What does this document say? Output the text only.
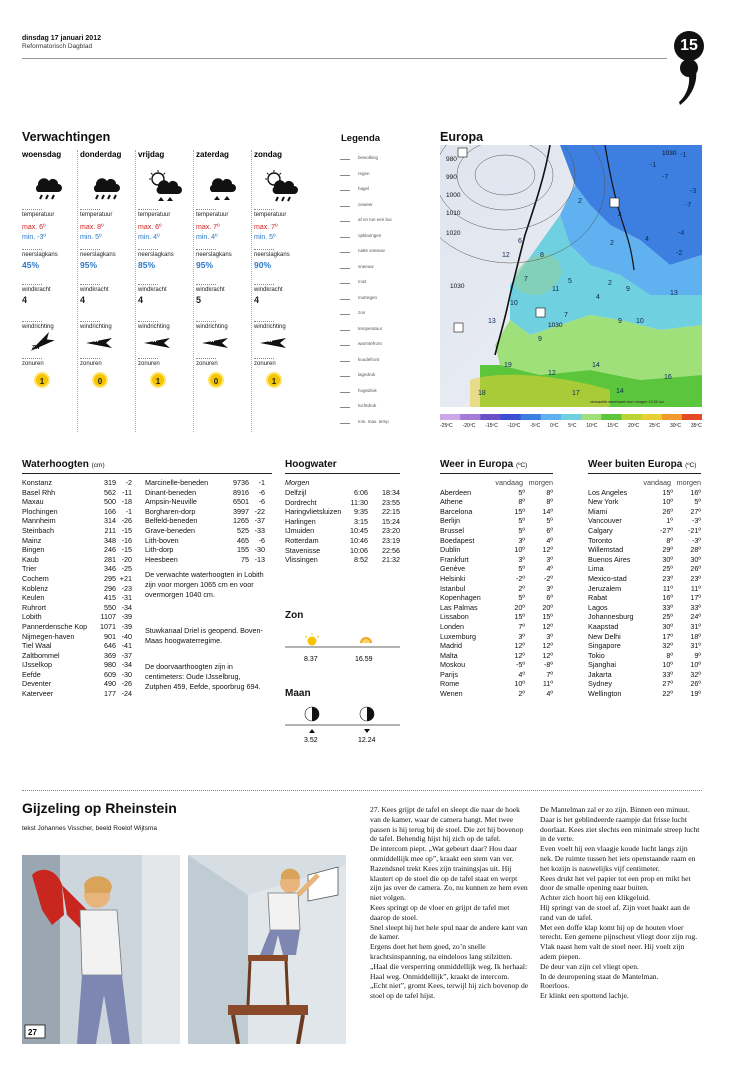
dinsdag 17 januari 2012
Reformatorisch Dagblad	15
Verwachtingen
woensdag
temperatuur
max. 6º
min. -3º
neerslagkans
45%
windkracht
4
windrichting
ZW
zonuren
1
donderdag
temperatuur
max. 8º
min. 5º
neerslagkans
95%
windkracht
4
windrichting
W
zonuren
0
vrijdag
temperatuur
max. 6º
min. 4º
neerslagkans
85%
windkracht
4
windrichting
W
zonuren
1
zaterdag
temperatuur
max. 7º
min. 4º
neerslagkans
95%
windkracht
5
windrichting
W
zonuren
0
zondag
temperatuur
max. 7º
min. 5º
neerslagkans
90%
windkracht
4
windrichting
W
zonuren
1
Legenda
bewolking
regen
hagel
onweer
af en toe een bui
opklaringen
natte sneeuw
sneeuw
mist
motregen
zon
temperatuur
warmtefront
koudefront
lagedruk
hogedruk
luchtdruk
min. max. temp
Europa
980
990
1000
1010
1020
1030
1030
1030 -1
-1
-7
2
-3
4
-7
4
-2
-4
6
12	8
7
11
5	2
9
7
4
9
2
13
10
9
13
10
12
14
16
19
18	17	14
verwachte weerkaart voor morgen 12.00 uur
-25ºC -20ºC -15ºC -10ºC -5ºC 0ºC 5ºC 10ºC 15ºC 20ºC 25ºC 30ºC 35ºC
Waterhoogten (cm)
Konstanz	319	-2
Basel Rhh	562 -11
Maxau	500 -18
Plochingen	166	-1
Mannheim	314 -26
Steinbach	211 -15
Mainz	348 -16
Bingen	246 -15
Kaub	281 -20
Trier	346 -25
Cochem	295 +21
Koblenz	296 -23
Keulen	415 -31
Ruhrort	550 -34
Lobith	1107 -39
Pannerdensche Kop	1071 -39
Nijmegen-haven	901 -40
Tiel Waal	646 -41
Zaltbommel	369 -37
IJsselkop	980 -34
Eefde	609 -30
Deventer	490 -26
Katerveer	177 -24
Marcinelle-beneden	9736	-1
Dinant-beneden	8916	-6
Ampsin-Neuville	6501	-6
Borgharen-dorp	3997 -22
Belfeld-beneden	1265 -37
Grave-beneden	525 -33
Lith-boven	465	-6
Lith-dorp	155 -30
Heesbeen	75 -13
De verwachte waterhoogten in Lobith zijn voor morgen 1065 cm en voor overmorgen 1040 cm.
Stuwkanaal Driel is geopend. Boven-Maas hoogwaterregime.
De doorvaarthoogten zijn in centimeters: Oude IJsselbrug, Zutphen 459, Eefde, spoorbrug 694.
Hoogwater
Morgen
Delfzijl	6:06	18:34
Dordrecht	11:30	23:55
Haringvlietsluizen	9:35	22:15
Harlingen	3:15	15:24
IJmuiden	10:45	23:20
Rotterdam	10:46	23:19
Stavenisse	10:06	22:56
Vlissingen	8:52	21:32
Zon
8.37	16.59
Maan
3.52	12.24
Weer in Europa (ºC)
vandaag morgen
Aberdeen	5º	8º
Athene	8º	8º
Barcelona	15º	14º
Berlijn	5º	5º
Brussel	5º	6º
Boedapest	3º	4º
Dublin	10º	12º
Frankfurt	3º	3º
Genève	5º	4º
Helsinki	-2º	-2º
Istanbul	2º	3º
Kopenhagen	5º	6º
Las Palmas	20º	20º
Lissabon	15º	15º
Londen	7º	12º
Luxemburg	3º	3º
Madrid	12º	12º
Malta	12º	12º
Moskou	-5º	-8º
Parijs	4º	7º
Rome	10º	11º
Wenen	2º	4º
Weer buiten Europa (ºC)
vandaag morgen
Los Angeles	15º	16º
New York	10º	5º
Miami	26º	27º
Vancouver	1º	-3º
Calgary	-27º	-21º
Toronto	8º	-3º
Willemstad	29º	28º
Buenos Aires	30º	30º
Lima	25º	26º
Mexico-stad	23º	23º
Jeruzalem	11º	11º
Rabat	16º	17º
Lagos	33º	33º
Johannesburg	25º	24º
Kaapstad	30º	31º
New Delhi	17º	18º
Singapore	32º	31º
Tokio	8º	9º
Sjanghai	10º	10º
Jakarta	33º	32º
Sydney	27º	26º
Wellington	22º	19º
Gijzeling op Rheinstein
tekst Johannes Visscher, beeld Roelof Wijtsma
27

27. Kees grijpt de tafel en sleept die naar de hoek van de kamer, waar de camera hangt. Met twee passen is hij terug bij de stoel. Die zet hij bovenop de tafel. Behendig hijst hij zich op de tafel.

De intercom piept. „Wat gebeurt daar? Hou daar onmiddellijk mee op”, kraakt een stem van ver.

Razendsnel trekt Kees zijn trainingsjas uit. Hij klautert op de stoel die op de tafel staat en werpt zijn jas over de camera. Zo, nu kunnen ze hem even niet volgen.

Kees springt op de vloer en grijpt de tafel met daarop de stoel.

Snel sleept hij het hele spul naar de andere kant van de kamer.

Ergens doet het hem goed, zo’n snelle krachtsinspanning, na eindeloos lang stilzitten.

„Haal die versperring onmiddellijk weg. Ik herhaal: Haal weg. Onmiddellijk”, kraakt de intercom.

„Echt niet”, gromt Kees, terwijl hij zich bovenop de stoel op de tafel hijst.

De Mantelman zal er zo zijn. Binnen een minuut.

Daar is het geblindeerde raampje dat frisse lucht doorlaat. Kees ziet slechts een minimale streep lucht in de verte.

Even voelt hij een vlaagje koude lucht langs zijn nek. De ruimte tussen het iets openstaande raam en het kozijn is nauwelijks vijf centimeter.

Kees drukt het vel papier tot een prop en mikt het door de smalle opening naar buiten.

Achter zich hoort hij een klikgeluid.

Hij springt van de stoel af. Zijn voet haakt aan de rand van de tafel.

Met een doffe klap komt hij op de houten vloer terecht. Een gemene pijnscheut vliegt door zijn rug.

Vlak naast hem valt de stoel neer. Hij voelt zijn adem piepen.

De deur van zijn cel vliegt open.

In de deuropening staat de Mantelman.

Roerloos.

Er klinkt een spottend lachje.
